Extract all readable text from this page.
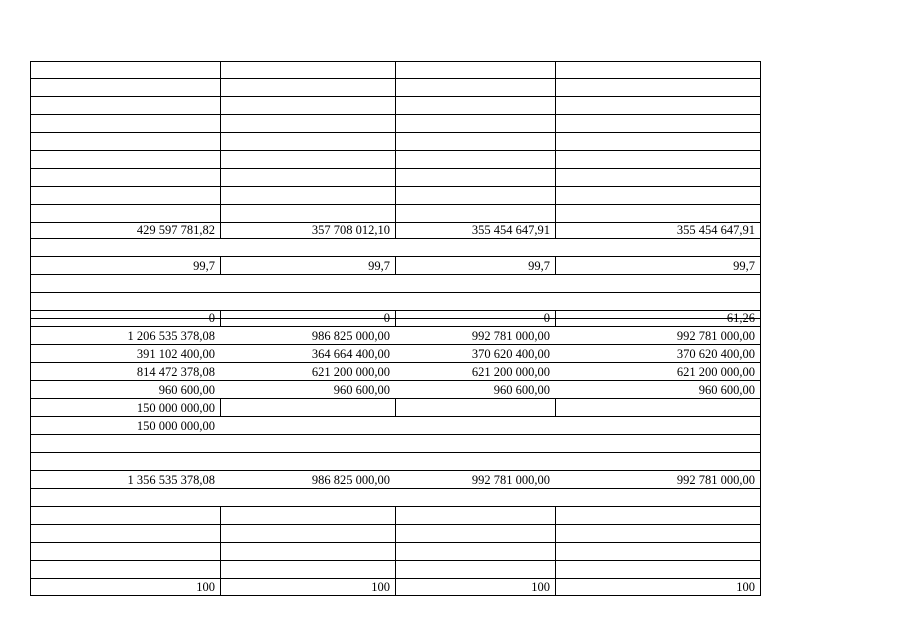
429 597 781,82	357 708 012,10	355 454 647,91	355 454 647,91
99,7	99,7	99,7	99,7
0	0	0	61,26
1 206 535 378,08	986 825 000,00	992 781 000,00	992 781 000,00
391 102 400,00	364 664 400,00	370 620 400,00	370 620 400,00
814 472 378,08	621 200 000,00	621 200 000,00	621 200 000,00
960 600,00	960 600,00	960 600,00	960 600,00
150 000 000,00
150 000 000,00
1 356 535 378,08	986 825 000,00	992 781 000,00	992 781 000,00
100	100	100	100
